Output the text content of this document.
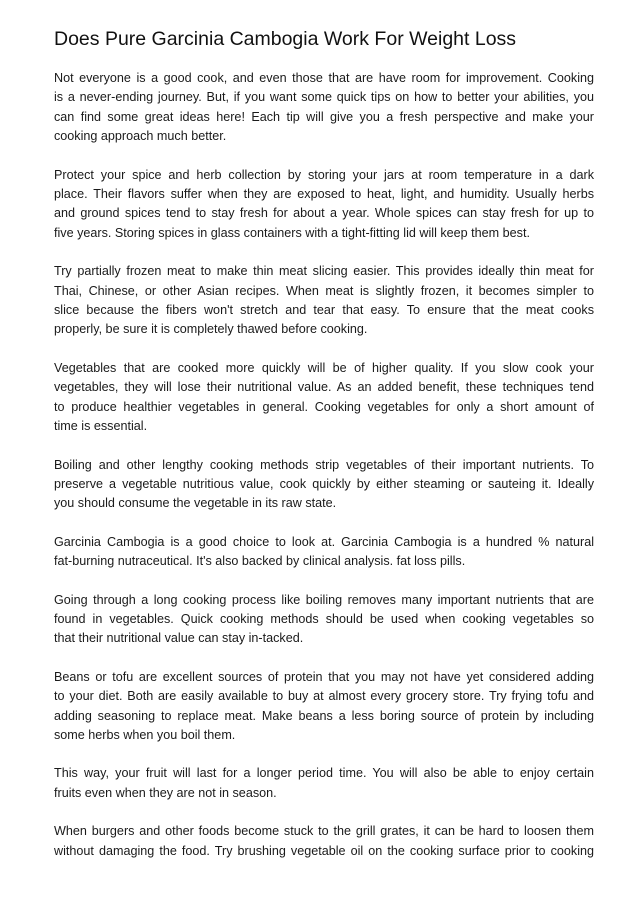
Does Pure Garcinia Cambogia Work For Weight Loss
Not everyone is a good cook, and even those that are have room for improvement. Cooking
is a never-ending journey. But, if you want some quick tips on how to better your abilities, you
can find some great ideas here! Each tip will give you a fresh perspective and make your
cooking approach much better.
Protect your spice and herb collection by storing your jars at room temperature in a dark
place. Their flavors suffer when they are exposed to heat, light, and humidity. Usually herbs
and ground spices tend to stay fresh for about a year. Whole spices can stay fresh for up to
five years. Storing spices in glass containers with a tight-fitting lid will keep them best.
Try partially frozen meat to make thin meat slicing easier. This provides ideally thin meat for
Thai, Chinese, or other Asian recipes. When meat is slightly frozen, it becomes simpler to
slice because the fibers won't stretch and tear that easy. To ensure that the meat cooks
properly, be sure it is completely thawed before cooking.
Vegetables that are cooked more quickly will be of higher quality. If you slow cook your
vegetables, they will lose their nutritional value. As an added benefit, these techniques tend
to produce healthier vegetables in general. Cooking vegetables for only a short amount of
time is essential.
Boiling and other lengthy cooking methods strip vegetables of their important nutrients. To
preserve a vegetable nutritious value, cook quickly by either steaming or sauteing it. Ideally
you should consume the vegetable in its raw state.
Garcinia Cambogia is a good choice to look at. Garcinia Cambogia is a hundred % natural
fat-burning nutraceutical. It's also backed by clinical analysis. fat loss pills.
Going through a long cooking process like boiling removes many important nutrients that are
found in vegetables. Quick cooking methods should be used when cooking vegetables so
that their nutritional value can stay in-tacked.
Beans or tofu are excellent sources of protein that you may not have yet considered adding
to your diet. Both are easily available to buy at almost every grocery store. Try frying tofu and
adding seasoning to replace meat. Make beans a less boring source of protein by including
some herbs when you boil them.
This way, your fruit will last for a longer period time. You will also be able to enjoy certain
fruits even when they are not in season.
When burgers and other foods become stuck to the grill grates, it can be hard to loosen them
without damaging the food. Try brushing vegetable oil on the cooking surface prior to cooking
